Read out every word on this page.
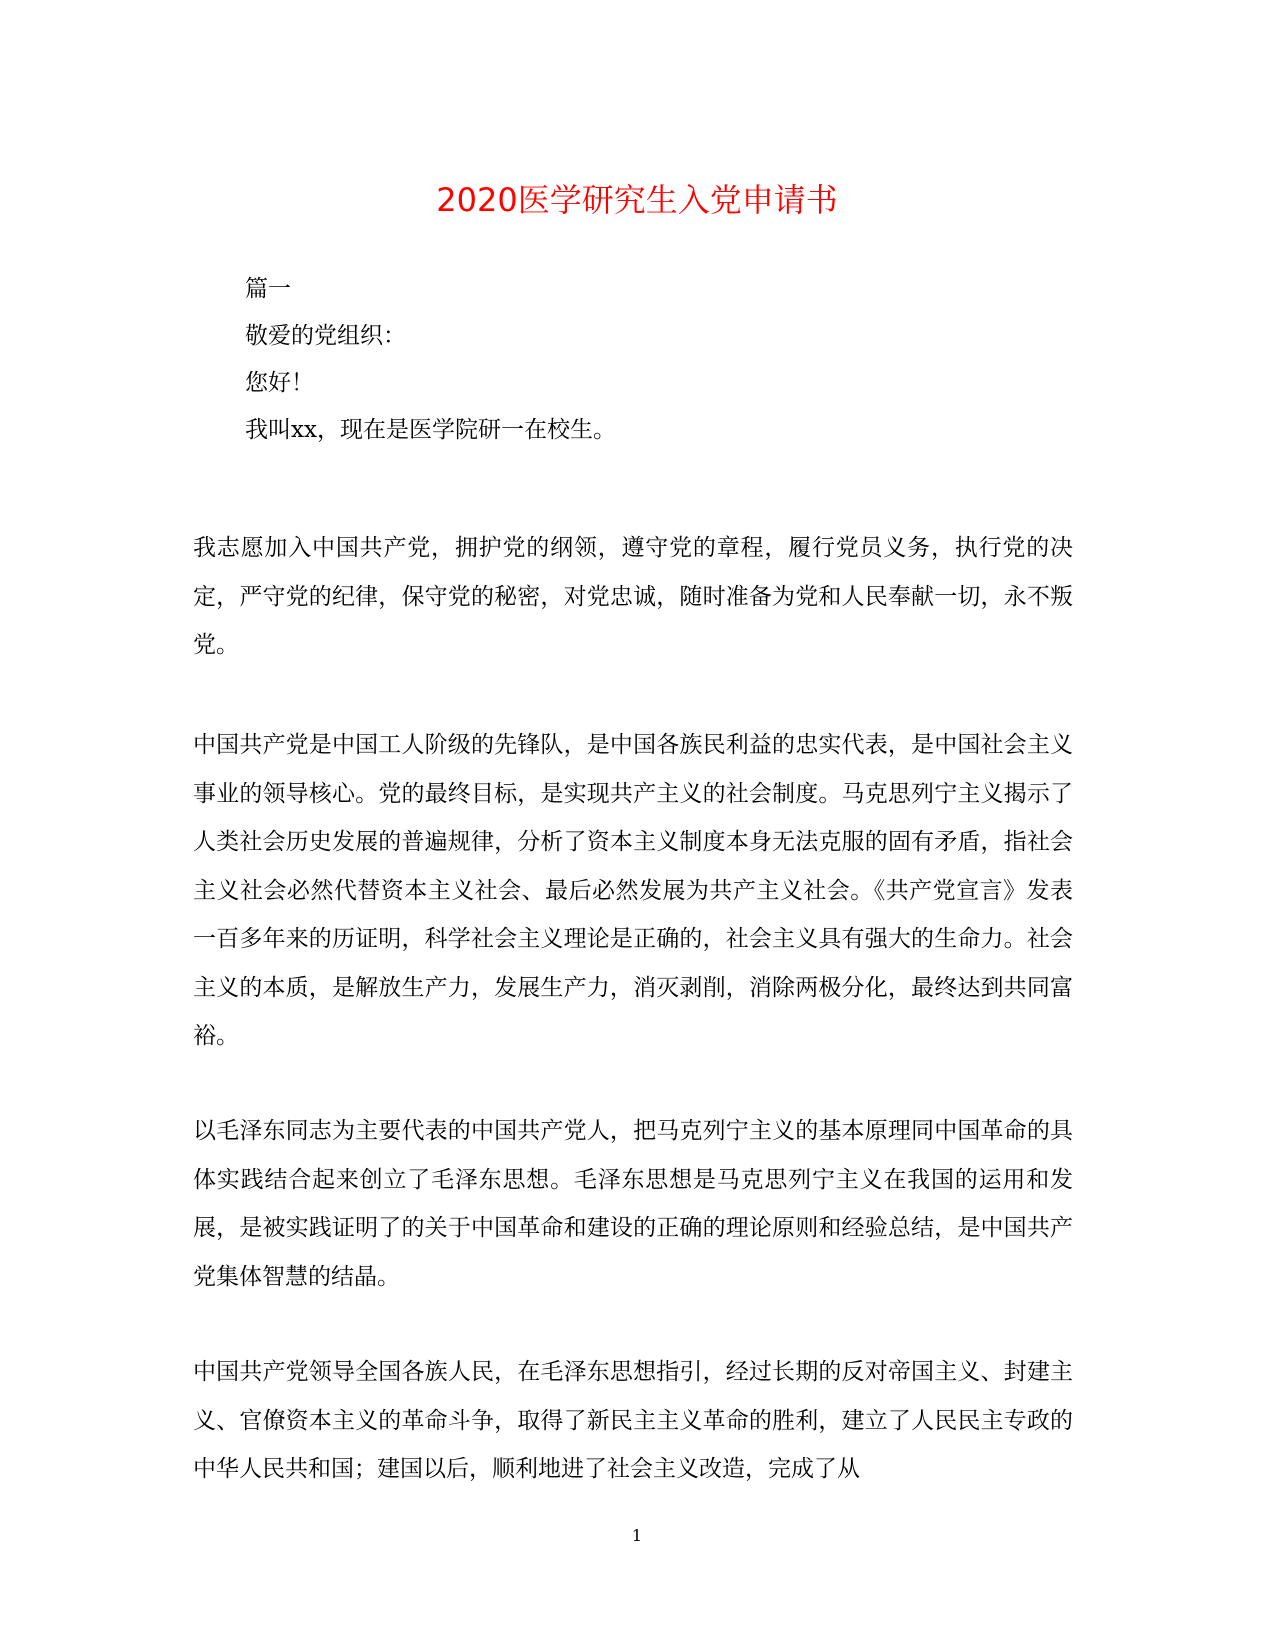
2020医学研究生入党申请书
篇一
敬爱的党组织：
您好！
我叫xx，现在是医学院研一在校生。

我志愿加入中国共产党，拥护党的纲领，遵守党的章程，履行党员义务，执行党的决定，严守党的纪律，保守党的秘密，对党忠诚，随时准备为党和人民奉献一切，永不叛党。

中国共产党是中国工人阶级的先锋队，是中国各族民利益的忠实代表，是中国社会主义事业的领导核心。党的最终目标，是实现共产主义的社会制度。马克思列宁主义揭示了人类社会历史发展的普遍规律，分析了资本主义制度本身无法克服的固有矛盾，指社会主义社会必然代替资本主义社会、最后必然发展为共产主义社会。《共产党宣言》发表一百多年来的历证明，科学社会主义理论是正确的，社会主义具有强大的生命力。社会主义的本质，是解放生产力，发展生产力，消灭剥削，消除两极分化，最终达到共同富裕。

以毛泽东同志为主要代表的中国共产党人，把马克列宁主义的基本原理同中国革命的具体实践结合起来创立了毛泽东思想。毛泽东思想是马克思列宁主义在我国的运用和发展，是被实践证明了的关于中国革命和建设的正确的理论原则和经验总结，是中国共产党集体智慧的结晶。

中国共产党领导全国各族人民，在毛泽东思想指引，经过长期的反对帝国主义、封建主义、官僚资本主义的革命斗争，取得了新民主主义革命的胜利，建立了人民民主专政的中华人民共和国；建国以后，顺利地进了社会主义改造，完成了从

1
